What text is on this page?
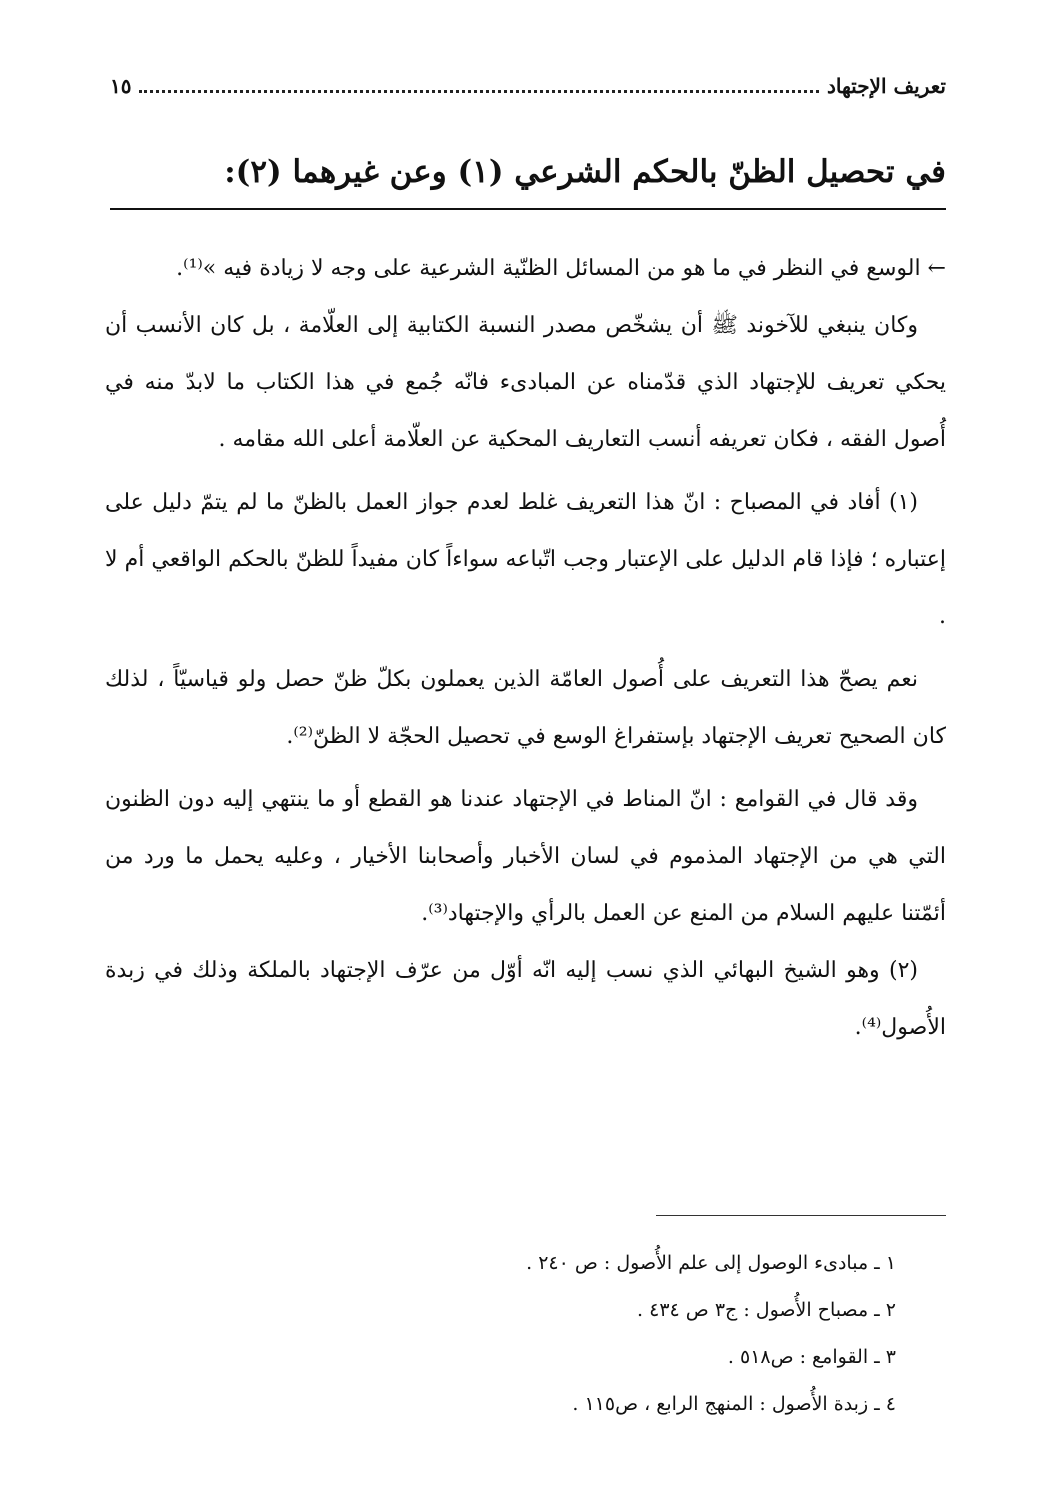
تعريف الإجتهاد
١٥
في تحصيل الظنّ بالحكم الشرعي (١) وعن غيرهما (٢):

← الوسع في النظر في ما هو من المسائل الظنّية الشرعية على وجه لا زيادة فيه »⁽¹⁾.

وكان ينبغي للآخوند ﷺ أن يشخّص مصدر النسبة الكتابية إلى العلّامة ، بل كان الأنسب أن يحكي تعريف للإجتهاد الذي قدّمناه عن المبادىء فانّه جُمع في هذا الكتاب ما لابدّ منه في أُصول الفقه ، فكان تعريفه أنسب التعاريف المحكية عن العلّامة أعلى الله مقامه .

(١) أفاد في المصباح : انّ هذا التعريف غلط لعدم جواز العمل بالظنّ ما لم يتمّ دليل على إعتباره ؛ فإذا قام الدليل على الإعتبار وجب اتّباعه سواءاً كان مفيداً للظنّ بالحكم الواقعي أم لا .

نعم يصحّ هذا التعريف على أُصول العامّة الذين يعملون بكلّ ظنّ حصل ولو قياسيّاً ، لذلك كان الصحيح تعريف الإجتهاد بإستفراغ الوسع في تحصيل الحجّة لا الظنّ⁽²⁾.

وقد قال في القوامع : انّ المناط في الإجتهاد عندنا هو القطع أو ما ينتهي إليه دون الظنون التي هي من الإجتهاد المذموم في لسان الأخبار وأصحابنا الأخيار ، وعليه يحمل ما ورد من أئمّتنا عليهم السلام من المنع عن العمل بالرأي والإجتهاد⁽³⁾.

(٢) وهو الشيخ البهائي الذي نسب إليه انّه أوّل من عرّف الإجتهاد بالملكة وذلك في زبدة الأُصول⁽⁴⁾.

١ ـ مبادىء الوصول إلى علم الأُصول : ص ٢٤٠ .
٢ ـ مصباح الأُصول : ج٣ ص ٤٣٤ .
٣ ـ القوامع : ص٥١٨ .
٤ ـ زبدة الأُصول : المنهج الرابع ، ص١١٥ .
